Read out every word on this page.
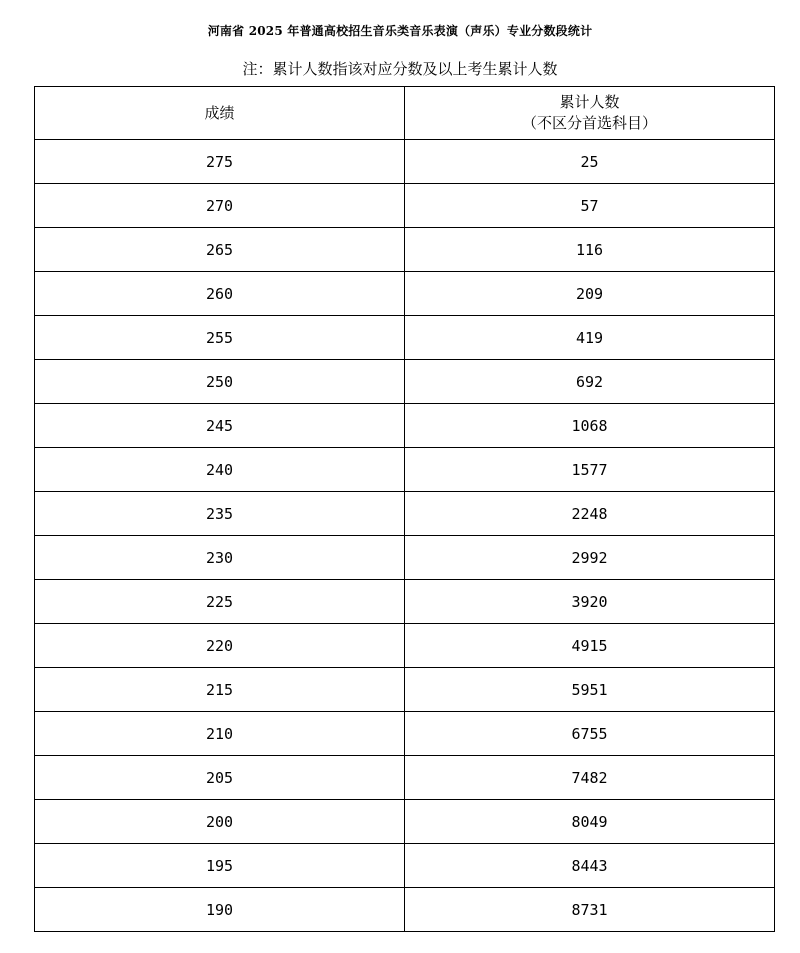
河南省 2025 年普通高校招生音乐类音乐表演（声乐）专业分数段统计
注：累计人数指该对应分数及以上考生累计人数
成绩	累计人数
（不区分首选科目）

275	25
270	57
265	116
260	209
255	419
250	692
245	1068
240	1577
235	2248
230	2992
225	3920
220	4915
215	5951
210	6755
205	7482
200	8049
195	8443
190	8731
